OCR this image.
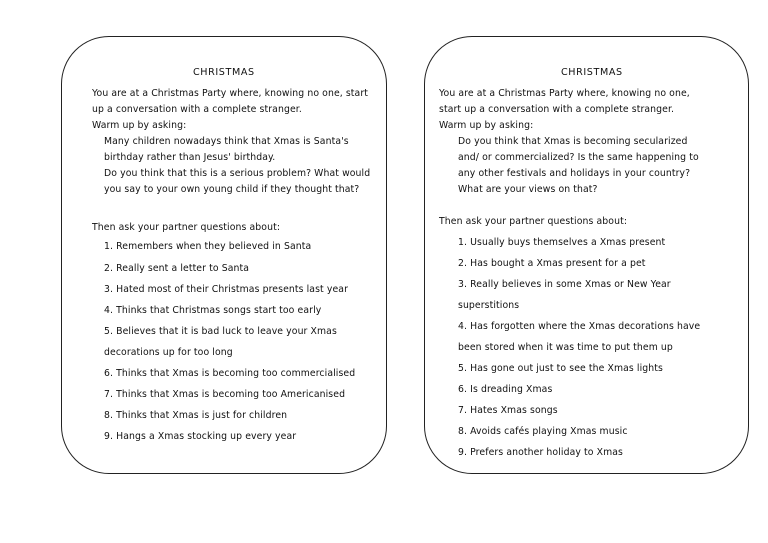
CHRISTMAS
You are at a Christmas Party where, knowing no one, start
up a conversation with a complete stranger.
Warm up by asking:
Many children nowadays think that Xmas is Santa's
birthday rather than Jesus' birthday.
Do you think that this is a serious problem? What would
you say to your own young child if they thought that?
Then ask your partner questions about:
1. Remembers when they believed in Santa
2. Really sent a letter to Santa
3. Hated most of their Christmas presents last year
4. Thinks that Christmas songs start too early
5. Believes that it is bad luck to leave your Xmas
decorations up for too long
6. Thinks that Xmas is becoming too commercialised
7. Thinks that Xmas is becoming too Americanised
8. Thinks that Xmas is just for children
9. Hangs a Xmas stocking up every year
CHRISTMAS
You are at a Christmas Party where, knowing no one,
start up a conversation with a complete stranger.
Warm up by asking:
Do you think that Xmas is becoming secularized
and/ or commercialized? Is the same happening to
any other festivals and holidays in your country?
What are your views on that?
Then ask your partner questions about:
1. Usually buys themselves a Xmas present
2. Has bought a Xmas present for a pet
3. Really believes in some Xmas or New Year
superstitions
4. Has forgotten where the Xmas decorations have
been stored when it was time to put them up
5. Has gone out just to see the Xmas lights
6. Is dreading Xmas
7. Hates Xmas songs
8. Avoids cafés playing Xmas music
9. Prefers another holiday to Xmas
